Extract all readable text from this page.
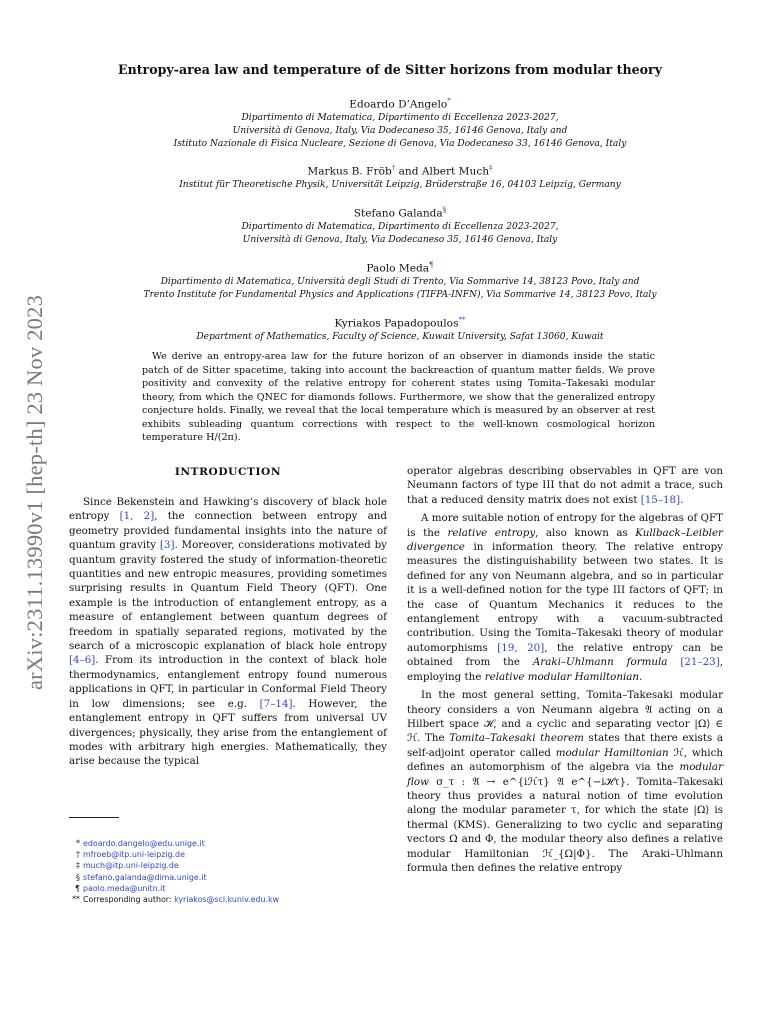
arXiv:2311.13990v1 [hep-th] 23 Nov 2023
Entropy-area law and temperature of de Sitter horizons from modular theory
Edoardo D’Angelo*
Dipartimento di Matematica, Dipartimento di Eccellenza 2023-2027,
Università di Genova, Italy, Via Dodecaneso 35, 16146 Genova, Italy and
Istituto Nazionale di Fisica Nucleare, Sezione di Genova, Via Dodecaneso 33, 16146 Genova, Italy
Markus B. Fröb† and Albert Much‡
Institut für Theoretische Physik, Universität Leipzig, Brüderstraße 16, 04103 Leipzig, Germany
Stefano Galanda§
Dipartimento di Matematica, Dipartimento di Eccellenza 2023-2027,
Università di Genova, Italy, Via Dodecaneso 35, 16146 Genova, Italy
Paolo Meda¶
Dipartimento di Matematica, Università degli Studi di Trento, Via Sommarive 14, 38123 Povo, Italy and
Trento Institute for Fundamental Physics and Applications (TIFPA-INFN), Via Sommarive 14, 38123 Povo, Italy
Kyriakos Papadopoulos**
Department of Mathematics, Faculty of Science, Kuwait University, Safat 13060, Kuwait

We derive an entropy-area law for the future horizon of an observer in diamonds inside the static patch of de Sitter spacetime, taking into account the backreaction of quantum matter fields. We prove positivity and convexity of the relative entropy for coherent states using Tomita–Takesaki modular theory, from which the QNEC for diamonds follows. Furthermore, we show that the generalized entropy conjecture holds. Finally, we reveal that the local temperature which is measured by an observer at rest exhibits subleading quantum corrections with respect to the well-known cosmological horizon temperature H/(2π).

INTRODUCTION

Since Bekenstein and Hawking’s discovery of black hole entropy [1, 2], the connection between entropy and geometry provided fundamental insights into the nature of quantum gravity [3]. Moreover, considerations motivated by quantum gravity fostered the study of information-theoretic quantities and new entropic measures, providing sometimes surprising results in Quantum Field Theory (QFT). One example is the introduction of entanglement entropy, as a measure of entanglement between quantum degrees of freedom in spatially separated regions, motivated by the search of a microscopic explanation of black hole entropy [4–6]. From its introduction in the context of black hole thermodynamics, entanglement entropy found numerous applications in QFT, in particular in Conformal Field Theory in low dimensions; see e.g. [7–14]. However, the entanglement entropy in QFT suffers from universal UV divergences; physically, they arise from the entanglement of modes with arbitrary high energies. Mathematically, they arise because the typical

operator algebras describing observables in QFT are von Neumann factors of type III that do not admit a trace, such that a reduced density matrix does not exist [15–18].

A more suitable notion of entropy for the algebras of QFT is the relative entropy, also known as Kullback–Leibler divergence in information theory. The relative entropy measures the distinguishability between two states. It is defined for any von Neumann algebra, and so in particular it is a well-defined notion for the type III factors of QFT; in the case of Quantum Mechanics it reduces to the entanglement entropy with a vacuum-subtracted contribution. Using the Tomita–Takesaki theory of modular automorphisms [19, 20], the relative entropy can be obtained from the Araki–Uhlmann formula [21–23], employing the relative modular Hamiltonian.

In the most general setting, Tomita–Takesaki modular theory considers a von Neumann algebra 𝔄 acting on a Hilbert space ℋ, and a cyclic and separating vector |Ω⟩ ∈ ℋ. The Tomita–Takesaki theorem states that there exists a self-adjoint operator called modular Hamiltonian ℋ, which defines an automorphism of the algebra via the modular flow σ_τ : 𝔄 → e^{iℋτ} 𝔄 e^{−iℋτ}. Tomita–Takesaki theory thus provides a natural notion of time evolution along the modular parameter τ, for which the state |Ω⟩ is thermal (KMS). Generalizing to two cyclic and separating vectors Ω and Φ, the modular theory also defines a relative modular Hamiltonian ℋ_{Ω|Φ}. The Araki–Uhlmann formula then defines the relative entropy

* edoardo.dangelo@edu.unige.it
† mfroeb@itp.uni-leipzig.de
‡ much@itp.uni-leipzig.de
§ stefano.galanda@dima.unige.it
¶ paolo.meda@unitn.it
** Corresponding author: kyriakos@sci.kuniv.edu.kw
